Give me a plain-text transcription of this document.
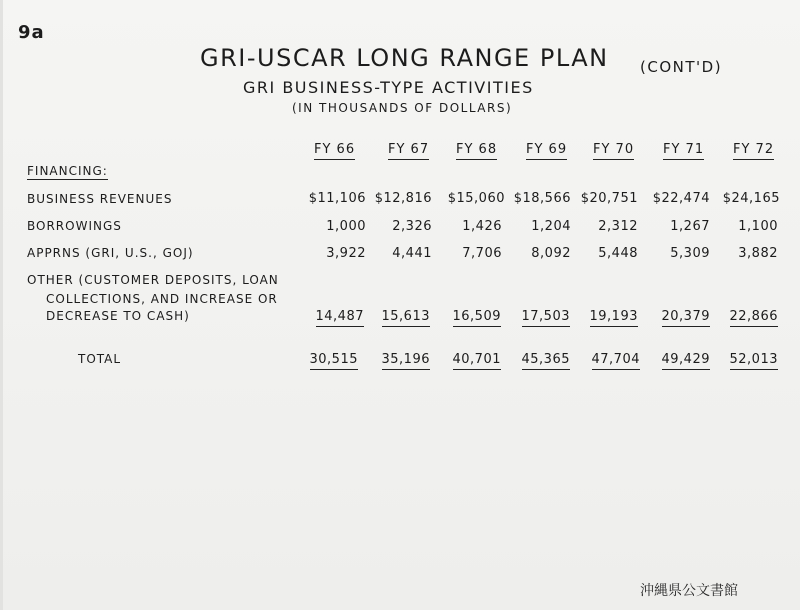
9a
GRI-USCAR LONG RANGE PLAN (CONT'D)
GRI BUSINESS-TYPE ACTIVITIES
(IN THOUSANDS OF DOLLARS)
FY 66	FY 67 FY 68 FY 69 FY 70 FY 71 FY 72
FINANCING:
BUSINESS REVENUES
BORROWINGS
APPRNS (GRI, U.S., GOJ)
OTHER (CUSTOMER DEPOSITS, LOAN
COLLECTIONS, AND INCREASE OR
DECREASE TO CASH)
TOTAL
$11,106 $12,816 $15,060 $18,566 $20,751 $22,474 $24,165
1,000 2,326 1,426 1,204 2,312 1,267 1,100
3,922 4,441 7,706 8,092 5,448 5,309 3,882
14,487 15,613 16,509 17,503 19,193 20,379 22,866
30,515 35,196 40,701 45,365 47,704 49,429 52,013
沖縄県公文書館
